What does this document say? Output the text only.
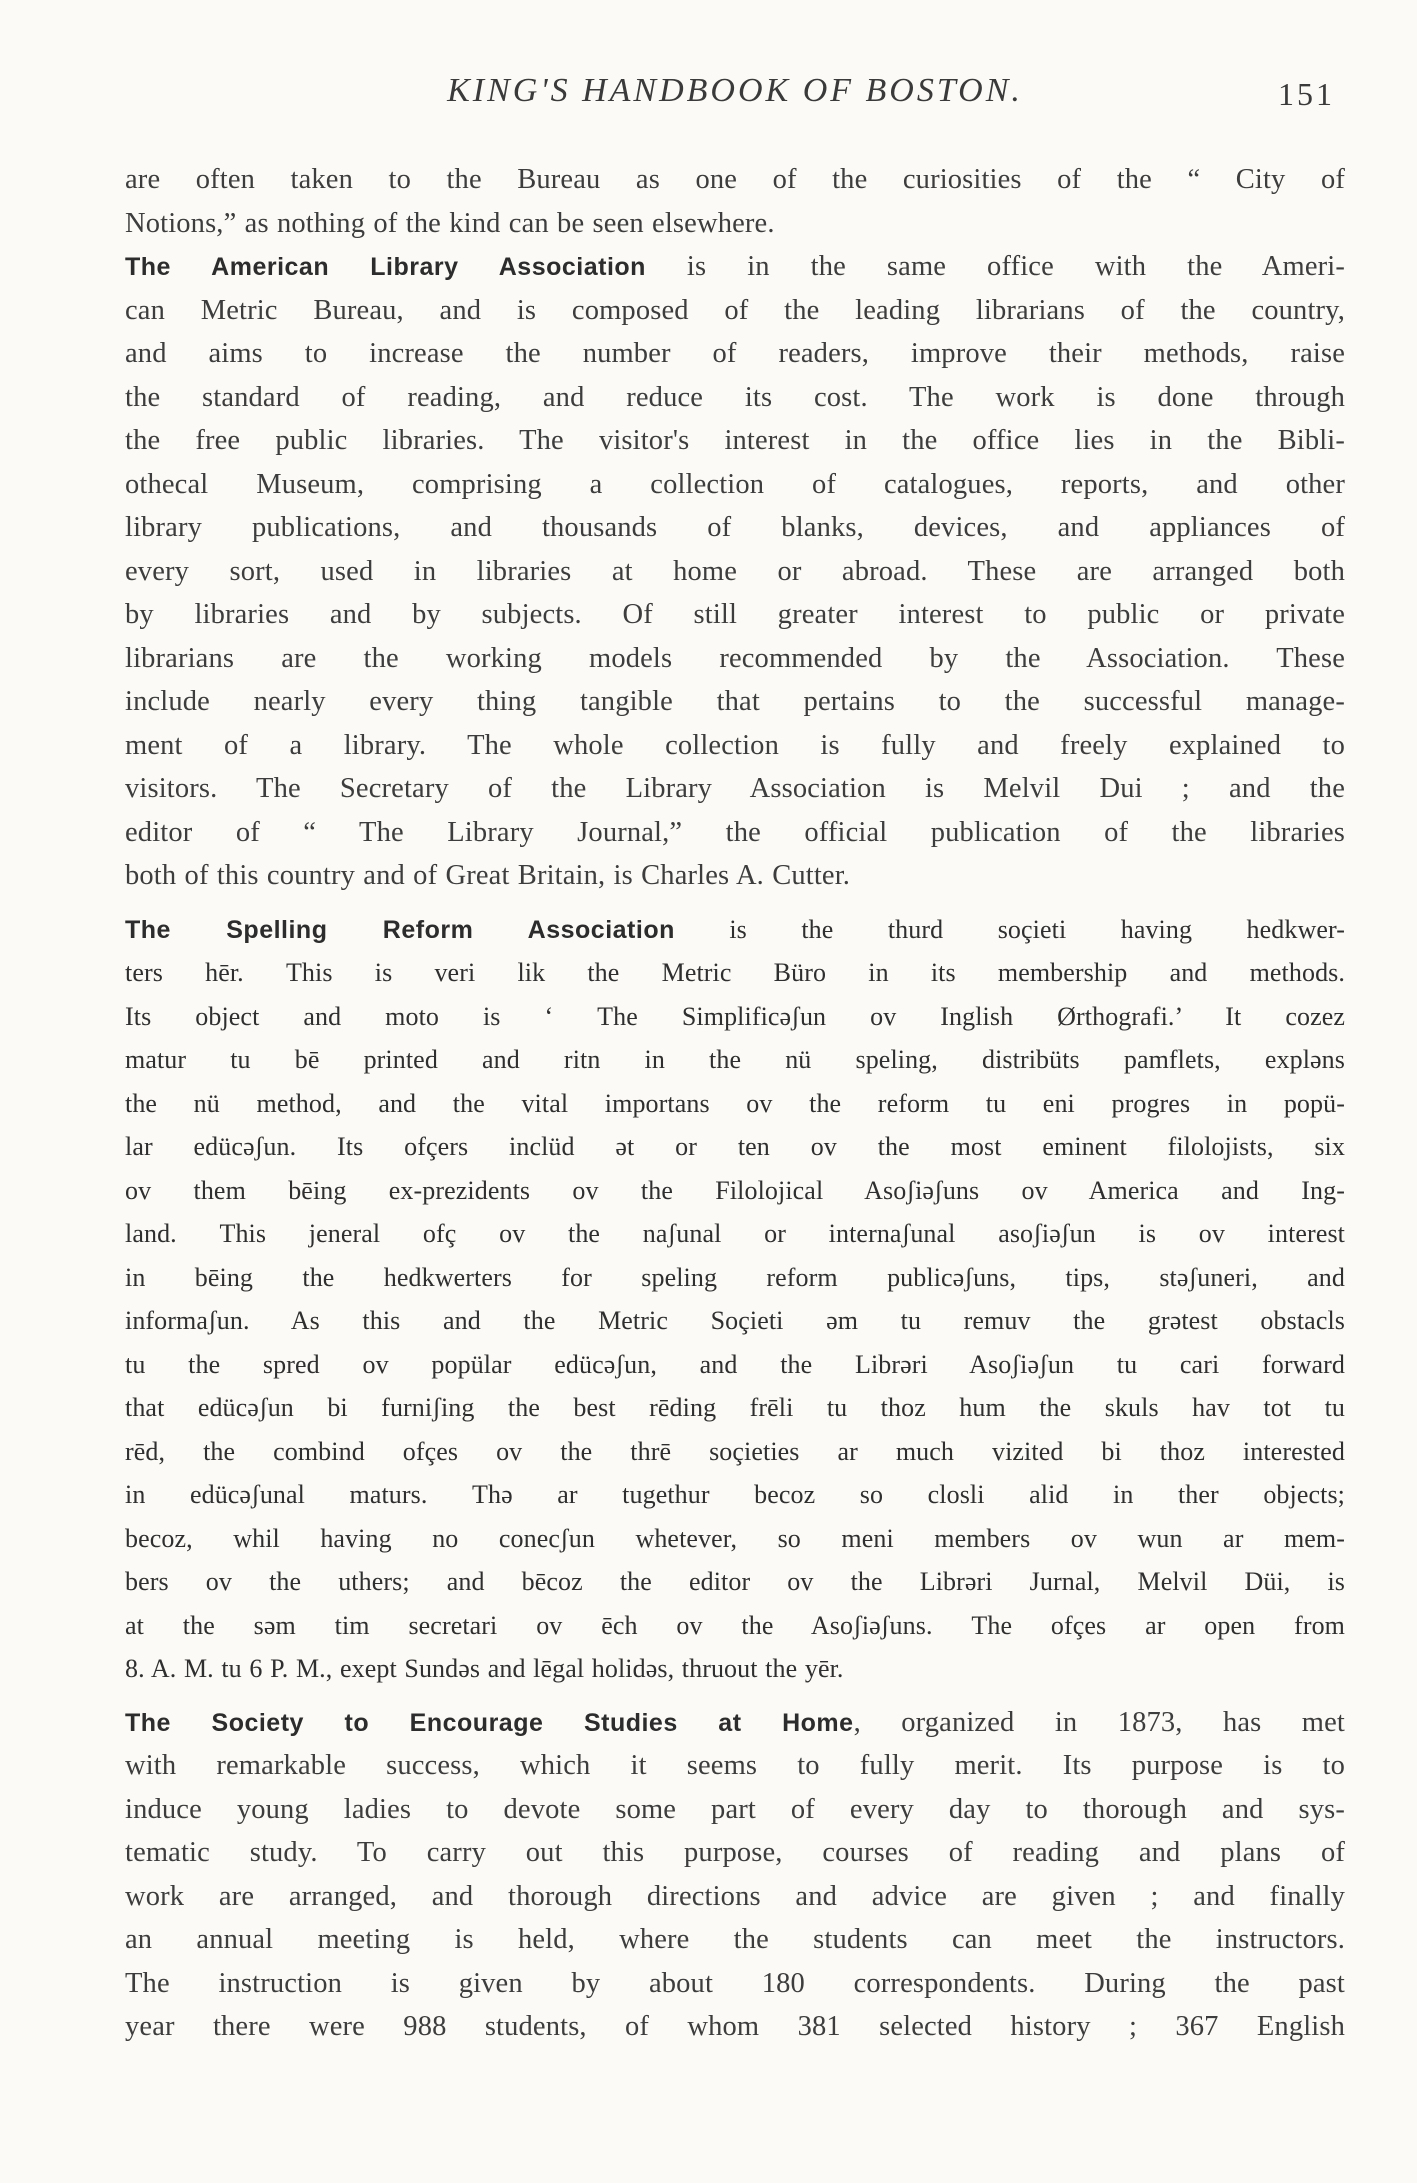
KING'S HANDBOOK OF BOSTON.	151
are often taken to the Bureau as one of the curiosities of the “ City of
Notions,” as nothing of the kind can be seen elsewhere.
The American Library Association is in the same office with the Ameri-
can Metric Bureau, and is composed of the leading librarians of the country,
and aims to increase the number of readers, improve their methods, raise
the standard of reading, and reduce its cost. The work is done through
the free public libraries. The visitor's interest in the office lies in the Bibli-
othecal Museum, comprising a collection of catalogues, reports, and other
library publications, and thousands of blanks, devices, and appliances of
every sort, used in libraries at home or abroad. These are arranged both
by libraries and by subjects. Of still greater interest to public or private
librarians are the working models recommended by the Association. These
include nearly every thing tangible that pertains to the successful manage-
ment of a library. The whole collection is fully and freely explained to
visitors. The Secretary of the Library Association is Melvil Dui ; and the
editor of “ The Library Journal,” the official publication of the libraries
both of this country and of Great Britain, is Charles A. Cutter.
The Spelling Reform Association is the thurd soçieti having hedkwer-
ters hēr. Тhis is veri lik the Metric Büro in its membership and methods.
Its object and moto is ‘ Тhe Simplificəʃun ov Inglish Ørthografi.’ It cozez
matur tu bē printed and ritn in the nü speling, distribüts pamflets, expləns
the nü method, and the vital importans ov the reform tu eni progres in popü-
lar edücəʃun. Its ofçers inclüd ət or ten ov the most eminent filolojists, six
ov them bēing ex-prezidents ov the Filolojical Asoʃiəʃuns ov America and Ing-
land. Тhis jeneral ofç ov the naʃunal or internaʃunal asoʃiəʃun is ov interest
in bēing the hedkwerters for speling reform publicəʃuns, tips, stəʃuneri, and
informaʃun. As this and the Metric Soçieti əm tu remuv the grətest obstacls
tu the spred ov popülar edücəʃun, and the Librəri Asoʃiəʃun tu cari forward
that edücəʃun bi furniʃing the best rēding frēli tu thoz hum the skuls hav tot tu
rēd, the combind ofçes ov the thrē soçieties ar much vizited bi thoz interested
in edücəʃunal maturs. Тhə ar tugethur becoz so closli alid in ther objects;
becoz, whil having no conecʃun whetever, so meni members ov wun ar mem-
bers ov the uthers; and bēcoz the editor ov the Librəri Jurnal, Melvil Düi, is
at the səm tim secretari ov ēch ov the Asoʃiəʃuns. Тhe ofçes ar open from
8. A. M. tu 6 P. M., exept Sundəs and lēgal holidəs, thruout the yēr.
The Society to Encourage Studies at Home, organized in 1873, has met
with remarkable success, which it seems to fully merit. Its purpose is to
induce young ladies to devote some part of every day to thorough and sys-
tematic study. To carry out this purpose, courses of reading and plans of
work are arranged, and thorough directions and advice are given ; and finally
an annual meeting is held, where the students can meet the instructors.
The instruction is given by about 180 correspondents. During the past
year there were 988 students, of whom 381 selected history ; 367 English
